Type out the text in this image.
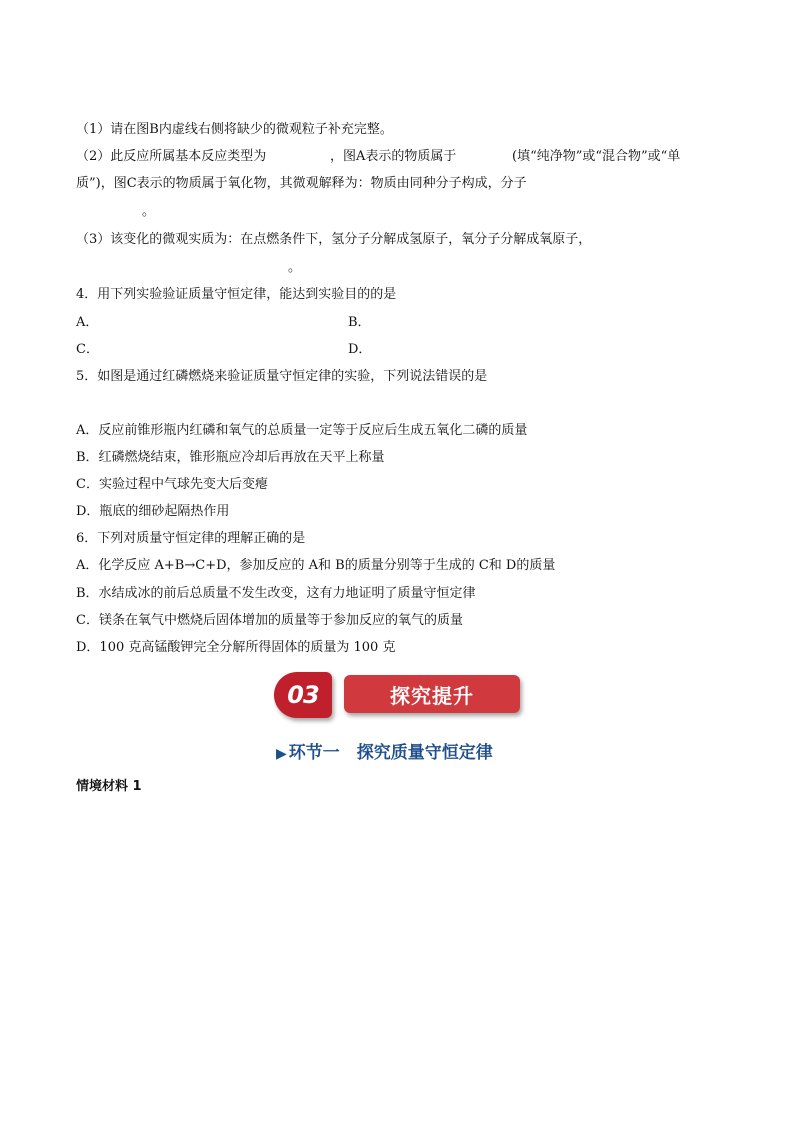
（1）请在图B内虚线右侧将缺少的微观粒子补充完整。
（2）此反应所属基本反应类型为	，图A表示的物质属于	(填“纯净物”或“混合物”或“单
质”)，图C表示的物质属于氧化物，其微观解释为：物质由同种分子构成，分子
。
（3）该变化的微观实质为：在点燃条件下，氢分子分解成氢原子，氧分子分解成氧原子，
。
4．用下列实验验证质量守恒定律，能达到实验目的的是
A．	B．
C．	D．
5．如图是通过红磷燃烧来验证质量守恒定律的实验，下列说法错误的是
A．反应前锥形瓶内红磷和氧气的总质量一定等于反应后生成五氧化二磷的质量
B．红磷燃烧结束，锥形瓶应冷却后再放在天平上称量
C．实验过程中气球先变大后变瘪
D．瓶底的细砂起隔热作用
6．下列对质量守恒定律的理解正确的是
A．化学反应 A+B→C+D，参加反应的 A和 B的质量分别等于生成的 C和 D的质量
B．水结成冰的前后总质量不发生改变，这有力地证明了质量守恒定律
C．镁条在氧气中燃烧后固体增加的质量等于参加反应的氧气的质量
D．100 克高锰酸钾完全分解所得固体的质量为 100 克
03	探究提升
▶ 环节一　探究质量守恒定律
情境材料 1
